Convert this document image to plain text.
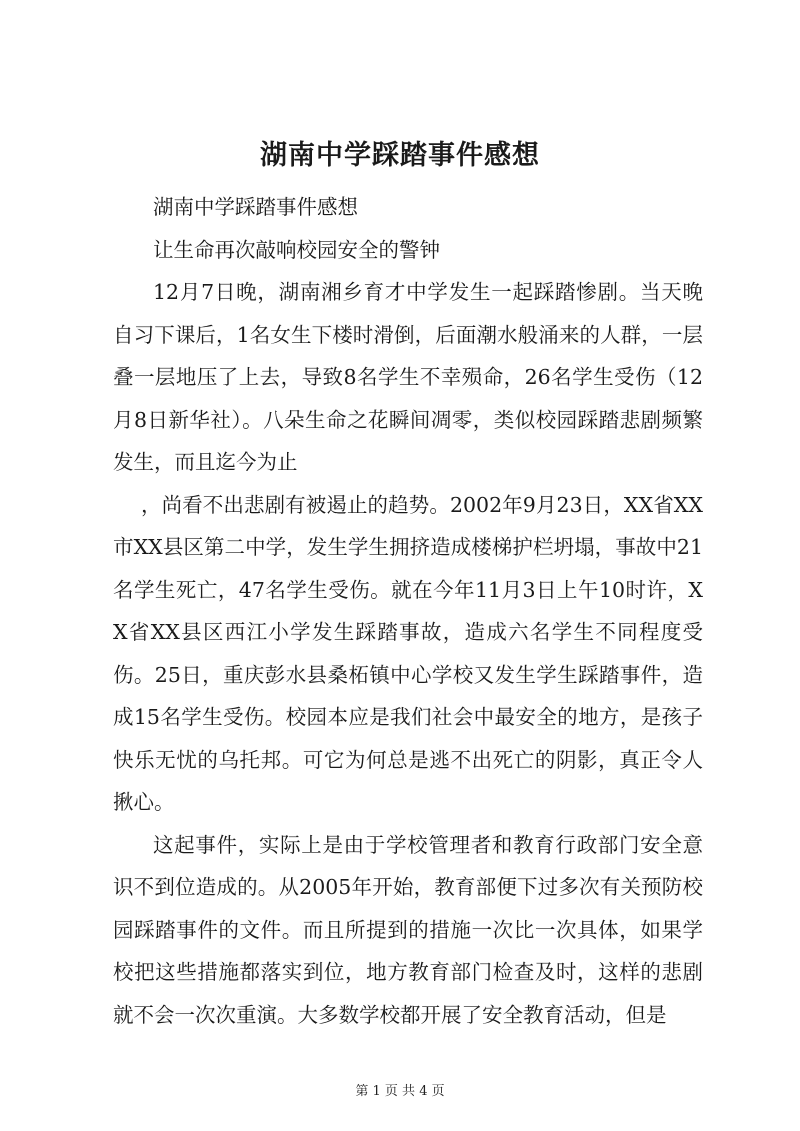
湖南中学踩踏事件感想

湖南中学踩踏事件感想

让生命再次敲响校园安全的警钟

12月7日晚，湖南湘乡育才中学发生一起踩踏惨剧。当天晚自习下课后，1名女生下楼时滑倒，后面潮水般涌来的人群，一层叠一层地压了上去，导致8名学生不幸殒命，26名学生受伤（12月8日新华社）。八朵生命之花瞬间凋零，类似校园踩踏悲剧频繁发生，而且迄今为止

，尚看不出悲剧有被遏止的趋势。2002年9月23日，XX省XX市XX县区第二中学，发生学生拥挤造成楼梯护栏坍塌，事故中21名学生死亡，47名学生受伤。就在今年11月3日上午10时许，XX省XX县区西江小学发生踩踏事故，造成六名学生不同程度受伤。25日，重庆彭水县桑柘镇中心学校又发生学生踩踏事件，造成15名学生受伤。校园本应是我们社会中最安全的地方，是孩子快乐无忧的乌托邦。可它为何总是逃不出死亡的阴影，真正令人揪心。

这起事件，实际上是由于学校管理者和教育行政部门安全意识不到位造成的。从2005年开始，教育部便下过多次有关预防校园踩踏事件的文件。而且所提到的措施一次比一次具体，如果学校把这些措施都落实到位，地方教育部门检查及时，这样的悲剧就不会一次次重演。大多数学校都开展了安全教育活动，但是

第 1 页 共 4 页
